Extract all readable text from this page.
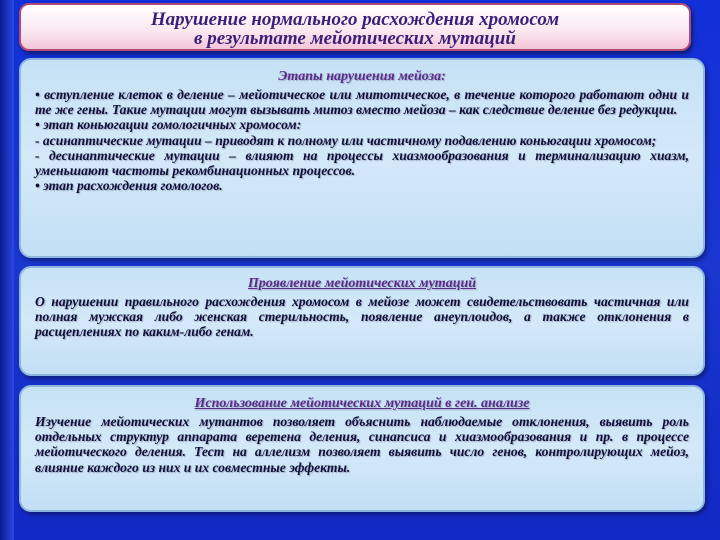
Нарушение нормального расхождения хромосом
в результате мейотических мутаций
Этапы нарушения мейоза:
• вступление клеток в деление – мейотическое или митотическое, в течение которого работают одни и те же гены. Такие мутации могут вызывать митоз вместо мейоза – как следствие деление без редукции.
• этап коньюгации гомологичных хромосом:
- асинаптические мутации – приводят к полному или частичному подавлению коньюгации хромосом;
- десинаптические мутации – влияют на процессы хиазмообразования и терминализацию хиазм, уменьшают частоты рекомбинационных процессов.
• этап расхождения гомологов.
Проявление мейотических мутаций
О нарушении правильного расхождения хромосом в мейозе может свидетельствовать частичная или полная мужская либо женская стерильность, появление анеуплоидов, а также отклонения в расщеплениях по каким-либо генам.
Использование мейотических мутаций в ген. анализе
Изучение мейотических мутантов позволяет объяснить наблюдаемые отклонения, выявить роль отдельных структур аппарата веретена деления, синапсиса и хиазмообразования и пр. в процессе мейотического деления. Тест на аллелизм позволяет выявить число генов, контролирующих мейоз, влияние каждого из них и их совместные эффекты.
